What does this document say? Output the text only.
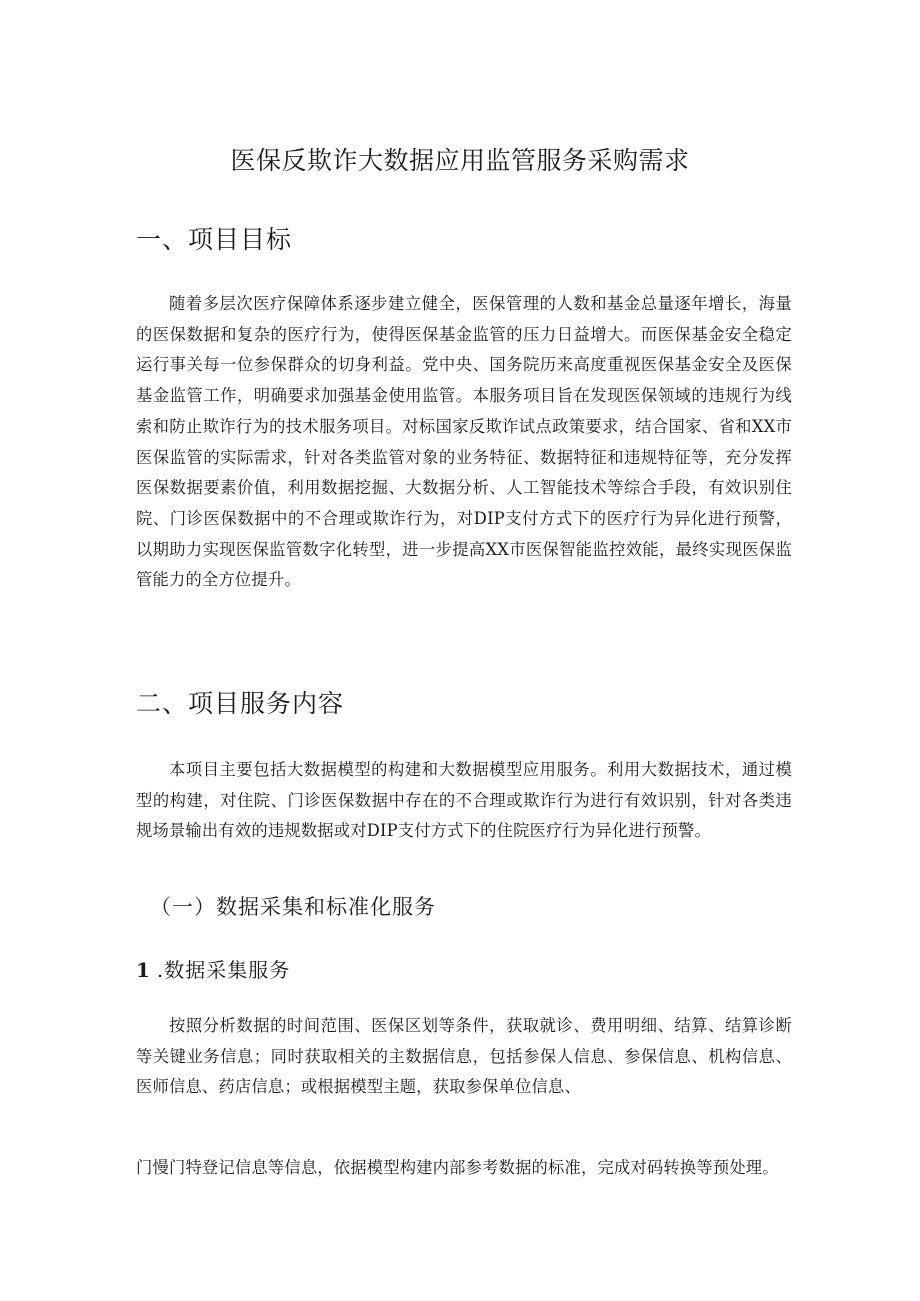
医保反欺诈大数据应用监管服务采购需求
一、项目目标

随着多层次医疗保障体系逐步建立健全，医保管理的人数和基金总量逐年增长，海量的医保数据和复杂的医疗行为，使得医保基金监管的压力日益增大。而医保基金安全稳定运行事关每一位参保群众的切身利益。党中央、国务院历来高度重视医保基金安全及医保基金监管工作，明确要求加强基金使用监管。本服务项目旨在发现医保领域的违规行为线索和防止欺诈行为的技术服务项目。对标国家反欺诈试点政策要求，结合国家、省和XX市医保监管的实际需求，针对各类监管对象的业务特征、数据特征和违规特征等，充分发挥医保数据要素价值，利用数据挖掘、大数据分析、人工智能技术等综合手段，有效识别住院、门诊医保数据中的不合理或欺诈行为，对DIP支付方式下的医疗行为异化进行预警，以期助力实现医保监管数字化转型，进一步提高XX市医保智能监控效能，最终实现医保监管能力的全方位提升。

二、项目服务内容

本项目主要包括大数据模型的构建和大数据模型应用服务。利用大数据技术，通过模型的构建，对住院、门诊医保数据中存在的不合理或欺诈行为进行有效识别，针对各类违规场景输出有效的违规数据或对DIP支付方式下的住院医疗行为异化进行预警。

（一）数据采集和标准化服务
1 .数据采集服务

按照分析数据的时间范围、医保区划等条件，获取就诊、费用明细、结算、结算诊断等关键业务信息；同时获取相关的主数据信息，包括参保人信息、参保信息、机构信息、医师信息、药店信息；或根据模型主题，获取参保单位信息、

门慢门特登记信息等信息，依据模型构建内部参考数据的标准，完成对码转换等预处理。
